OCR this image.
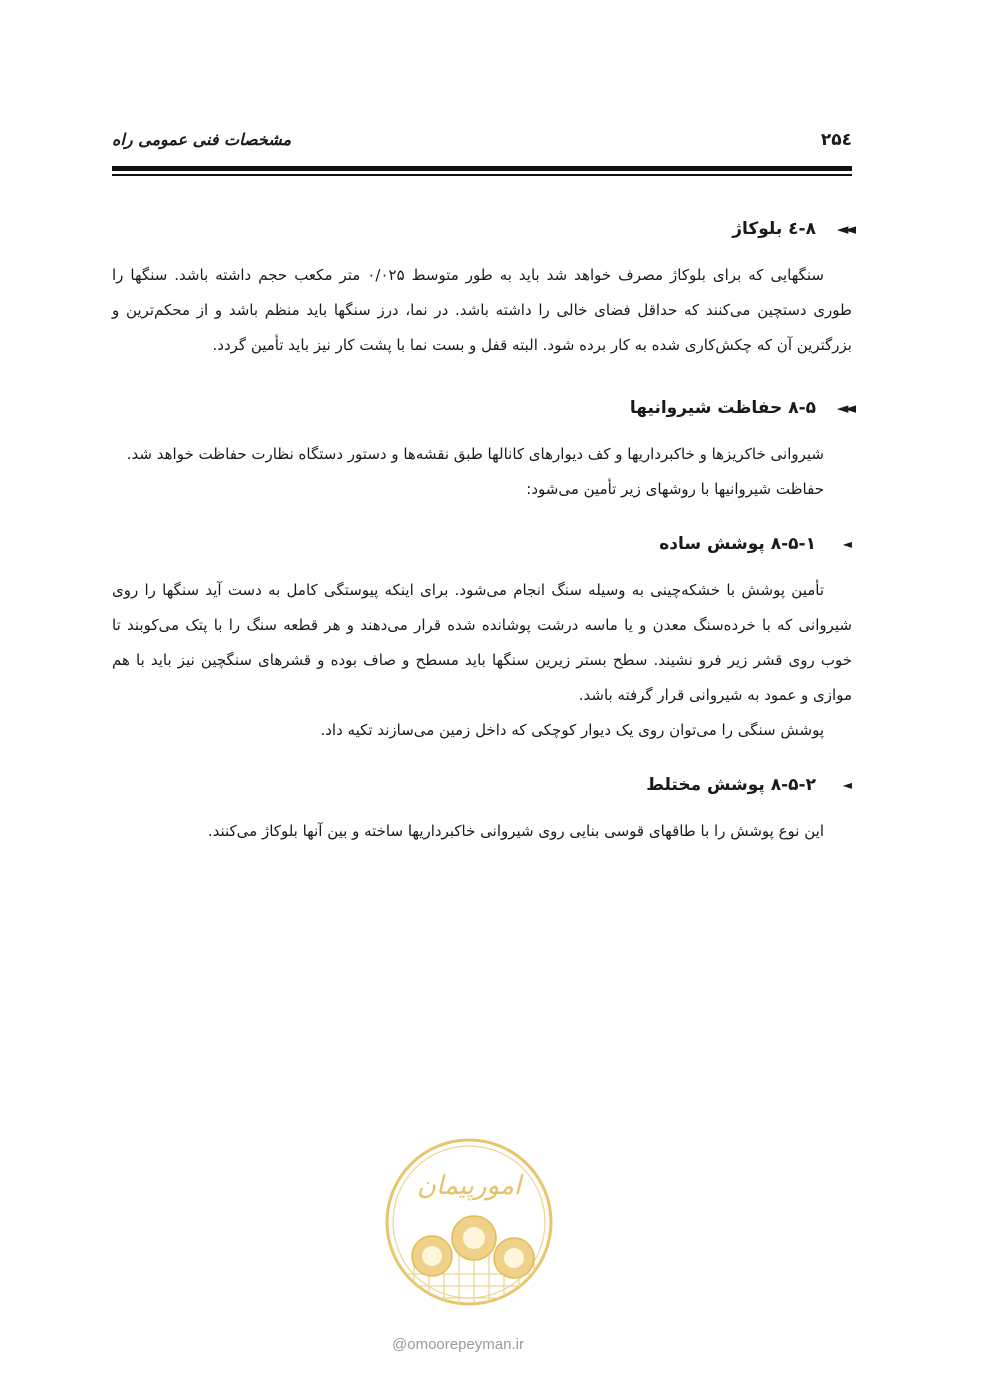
مشخصات فنی عمومی راه	۲۵٤
◄◄
۸-٤ بلوکاژ

سنگهایی که برای بلوکاژ مصرف خواهد شد باید به طور متوسط ۰/۰۲۵ متر مکعب حجم داشته باشد. سنگها را طوری دستچین می‌کنند که حداقل فضای خالی را داشته باشد. در نما، درز سنگها باید منظم باشد و از محکم‌ترین و بزرگترین آن که چکش‌کاری شده به کار برده شود. البته قفل و بست نما با پشت کار نیز باید تأمین گردد.

◄◄
۸-۵ حفاظت شیروانیها

شیروانی خاکریزها و خاکبرداریها و کف دیوارهای کانالها طبق نقشه‌ها و دستور دستگاه نظارت حفاظت خواهد شد.

حفاظت شیروانیها با روشهای زیر تأمین می‌شود:

◄
۸-۵-۱ پوشش ساده

تأمین پوشش با خشکه‌چینی به وسیله سنگ انجام می‌شود. برای اینکه پیوستگی کامل به دست آید سنگها را روی شیروانی که با خرده‌سنگ معدن و یا ماسه درشت پوشانده شده قرار می‌دهند و هر قطعه سنگ را با پتک می‌کوبند تا خوب روی قشر زیر فرو نشیند. سطح بستر زیرین سنگها باید مسطح و صاف بوده و قشرهای سنگچین نیز باید با هم موازی و عمود به شیروانی قرار گرفته باشد.

پوشش سنگی را می‌توان روی یک دیوار کوچکی که داخل زمین می‌سازند تکیه داد.

◄
۸-۵-۲ پوشش مختلط

این نوع پوشش را با طاقهای قوسی بنایی روی شیروانی خاکبرداریها ساخته و بین آنها بلوکاژ می‌کنند.

امورپیمان
@omoorepeyman.ir
